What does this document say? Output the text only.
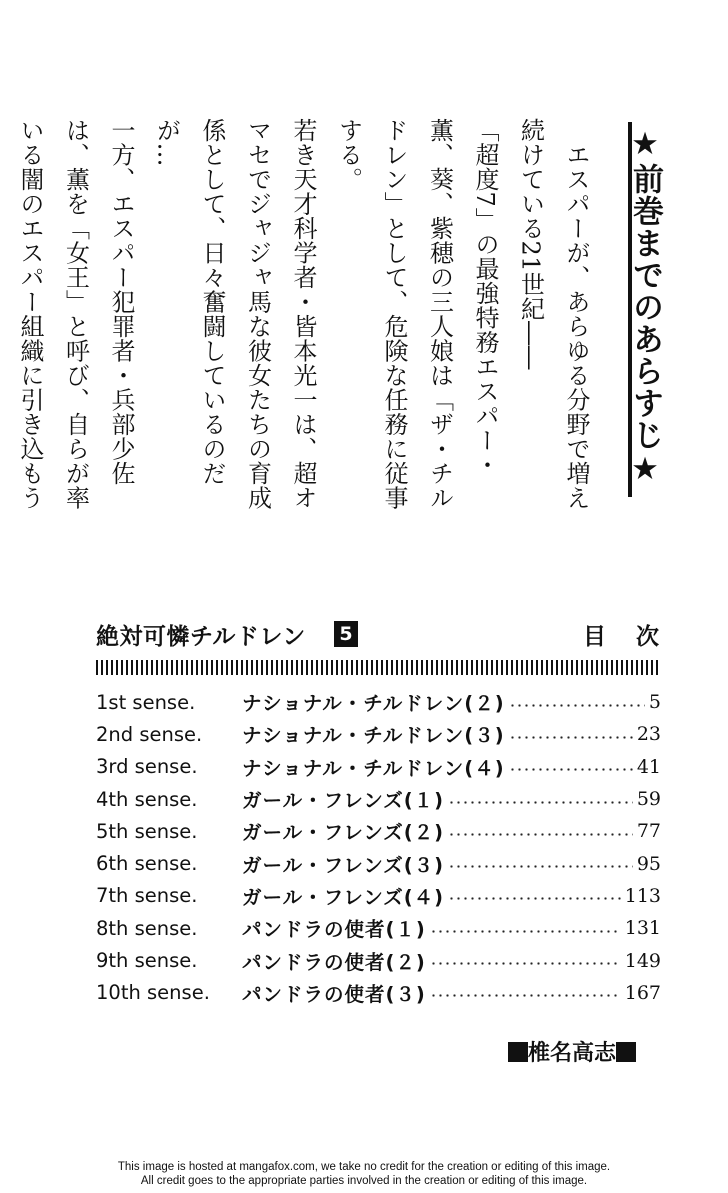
★前巻までのあらすじ★

　エスパーが、あらゆる分野で増え続けている21世紀――

「超度7」の最強特務エスパー・薫、葵、紫穂の三人娘は「ザ・チルドレン」として、危険な任務に従事する。

若き天才科学者・皆本光一は、超オマセでジャジャ馬な彼女たちの育成係として、日々奮闘しているのだが…

一方、エスパー犯罪者・兵部少佐は、薫を「女王」と呼び、自らが率いる闇のエスパー組織に引き込もう

絶対可憐チルドレン 5	目次
1st sense.	ナショナル・チルドレン(２)	5
2nd sense.	ナショナル・チルドレン(３)	23
3rd sense.	ナショナル・チルドレン(４)	41
4th sense.	ガール・フレンズ(１)	59
5th sense.	ガール・フレンズ(２)	77
6th sense.	ガール・フレンズ(３)	95
7th sense.	ガール・フレンズ(４)	113
8th sense.	パンドラの使者(１)	131
9th sense.	パンドラの使者(２)	149
10th sense.	パンドラの使者(３)	167
椎名高志
This image is hosted at mangafox.com, we take no credit for the creation or editing of this image.
All credit goes to the appropriate parties involved in the creation or editing of this image.
